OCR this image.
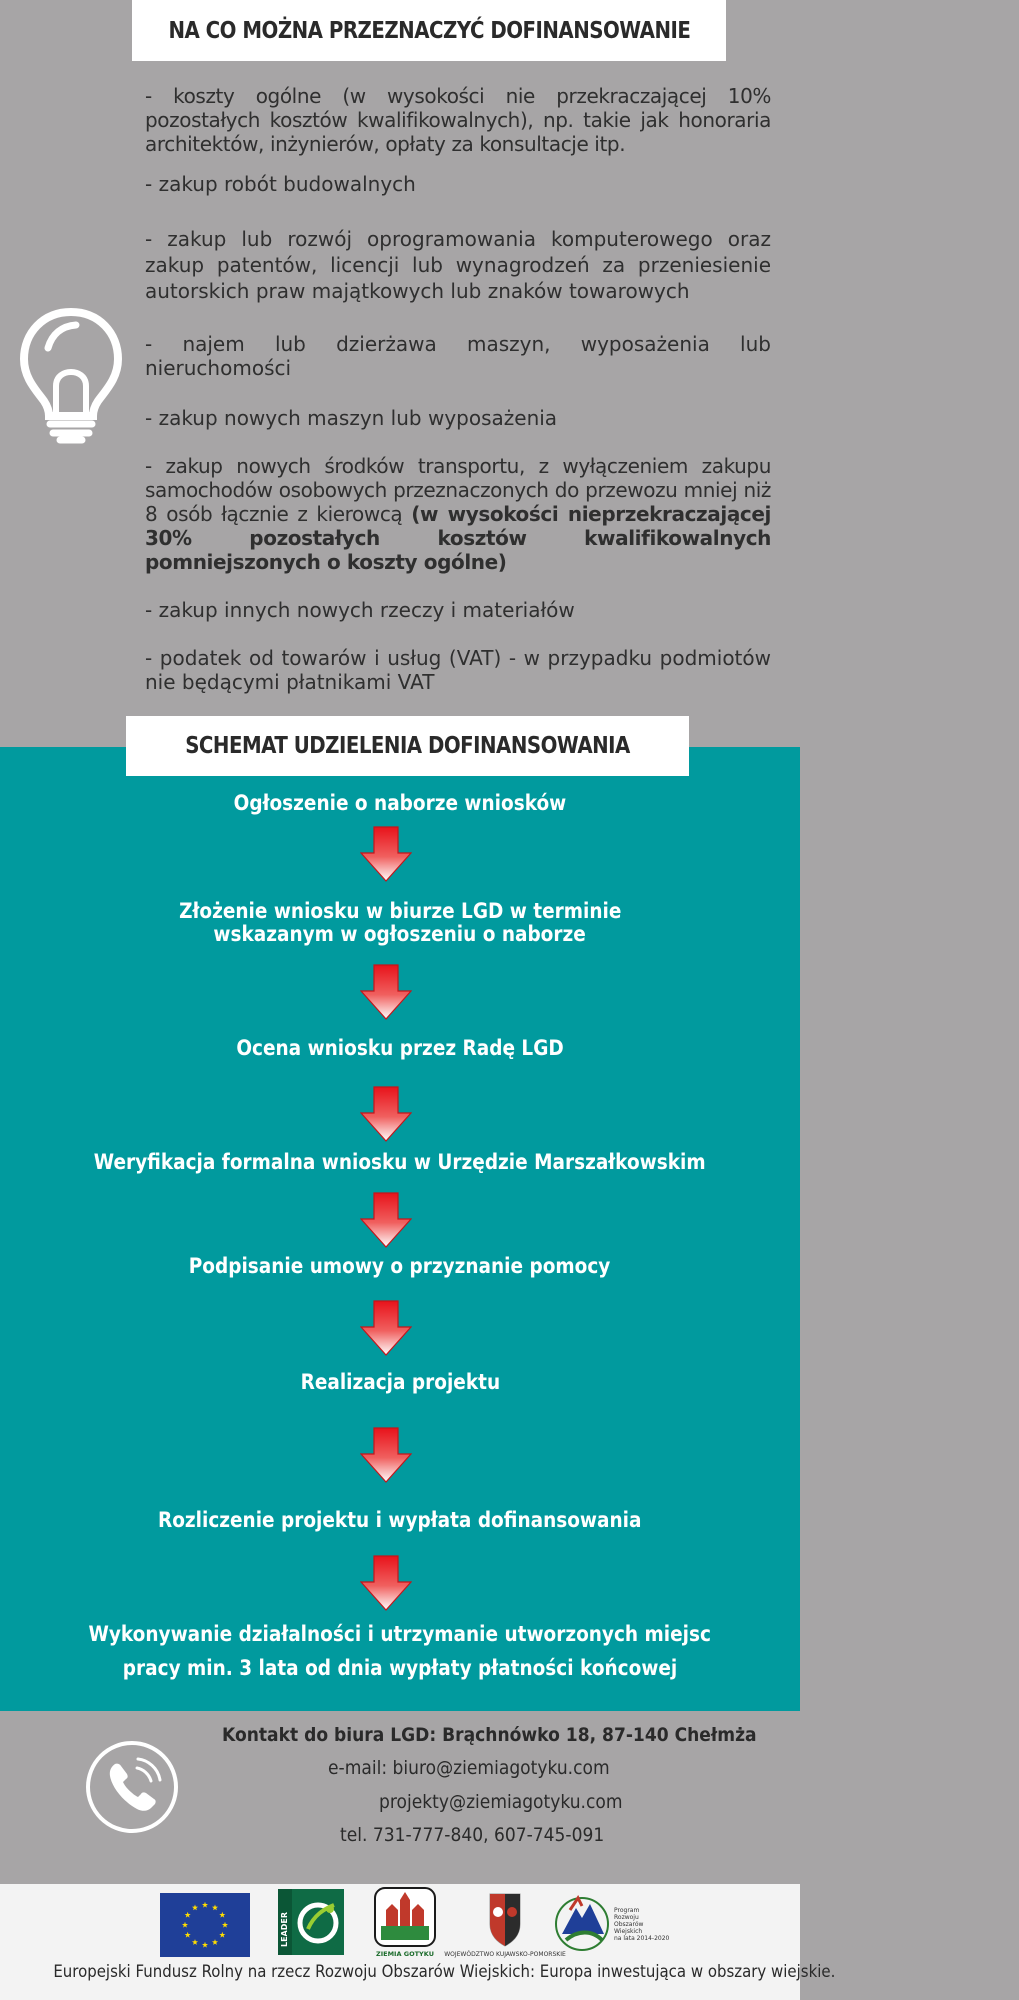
NA CO MOŻNA PRZEZNACZYĆ DOFINANSOWANIE
- koszty ogólne (w wysokości nie przekraczającej 10% pozostałych kosztów kwalifikowalnych), np. takie jak honoraria architektów, inżynierów, opłaty za konsultacje itp.
- zakup robót budowalnych
- zakup lub rozwój oprogramowania komputerowego oraz zakup patentów, licencji lub wynagrodzeń za przeniesienie autorskich praw majątkowych lub znaków towarowych
- najem lub dzierżawa maszyn, wyposażenia lub nieruchomości
- zakup nowych maszyn lub wyposażenia
- zakup nowych środków transportu, z wyłączeniem zakupu samochodów osobowych przeznaczonych do przewozu mniej niż 8 osób łącznie z kierowcą (w wysokości nieprzekraczającej 30% pozostałych kosztów kwalifikowalnych pomniejszonych o koszty ogólne)
- zakup innych nowych rzeczy i materiałów
- podatek od towarów i usług (VAT) - w przypadku podmiotów nie będącymi płatnikami VAT
SCHEMAT UDZIELENIA DOFINANSOWANIA
Ogłoszenie o naborze wniosków
Złożenie wniosku w biurze LGD w terminie
wskazanym w ogłoszeniu o naborze
Ocena wniosku przez Radę LGD
Weryfikacja formalna wniosku w Urzędzie Marszałkowskim
Podpisanie umowy o przyznanie pomocy
Realizacja projektu
Rozliczenie projektu i wypłata dofinansowania
Wykonywanie działalności i utrzymanie utworzonych miejsc
pracy min. 3 lata od dnia wypłaty płatności końcowej
Kontakt do biura LGD: Brąchnówko 18, 87-140 Chełmża
e-mail: biuro@ziemiagotyku.com
projekty@ziemiagotyku.com
tel. 731-777-840, 607-745-091
LEADER
ZIEMIA GOTYKU WOJEWÓDZTWO KUJAWSKO-POMORSKIE
Program
Rozwoju
Obszarów
Wiejskich
na lata 2014-2020
Europejski Fundusz Rolny na rzecz Rozwoju Obszarów Wiejskich: Europa inwestująca w obszary wiejskie.
